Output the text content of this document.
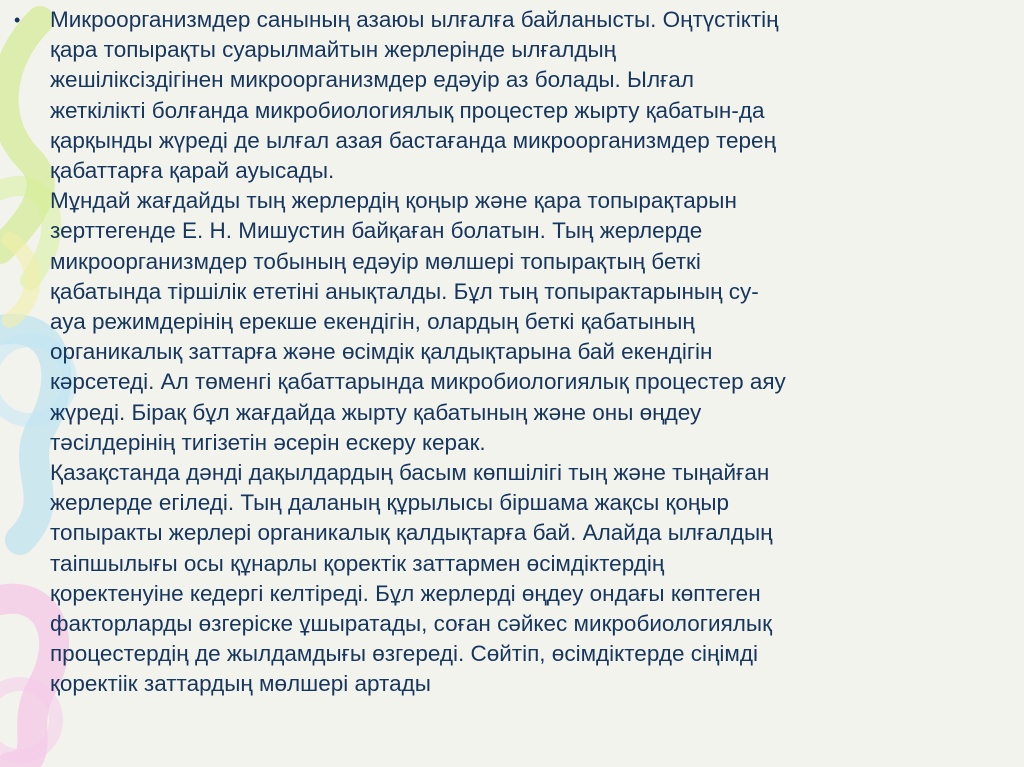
•	Микроорганизмдер санының азаюы ылғалға байланысты. Оңтүстіктің
қара топырақты суарылмайтын жерлерінде ылғалдың
жешіліксіздігінен микроорганизмдер едәуір аз болады. Ылғал
жеткілікті болғанда микробиологиялық процестер жырту қабатын-да
қарқынды жүреді де ылғал азая бастағанда микроорганизмдер терең
қабаттарға қарай ауысады.

Мұндай жағдайды тың жерлердің қоңыр және қара топырақтарын
зерттегенде Е. Н. Мишустин байқаған болатын. Тың жерлерде
микроорганизмдер тобының едәуір мөлшері топырақтың беткі
қабатында тіршілік ететіні анықталды. Бұл тың топырактарының су-
ауа режимдерінің ерекше екендігін, олардың беткі қабатының
органикалық заттарға және өсімдік қалдықтарына бай екендігін
кәрсетеді. Ал төменгі қабаттарында микробиологиялық процестер аяу
жүреді. Бірақ бұл жағдайда жырту қабатының және оны өңдеу
тәсілдерінің тигізетін әсерін ескеру керак.

Қазақстанда дәнді дақылдардың басым көпшілігі тың және тыңайған
жерлерде егіледі. Тың даланың құрылысы біршама жақсы қоңыр
топыракты жерлері органикалық қалдықтарға бай. Алайда ылғалдың
таіпшылығы осы құнарлы қоректік заттармен өсімдіктердің
қоректенуіне кедергі келтіреді. Бұл жерлерді өңдеу ондағы көптеген
факторларды өзгеріске ұшыратады, соған сәйкес микробиологиялық
процестердің де жылдамдығы өзгереді. Сөйтіп, өсімдіктерде сіңімді
қоректіік заттардың мөлшері артады
